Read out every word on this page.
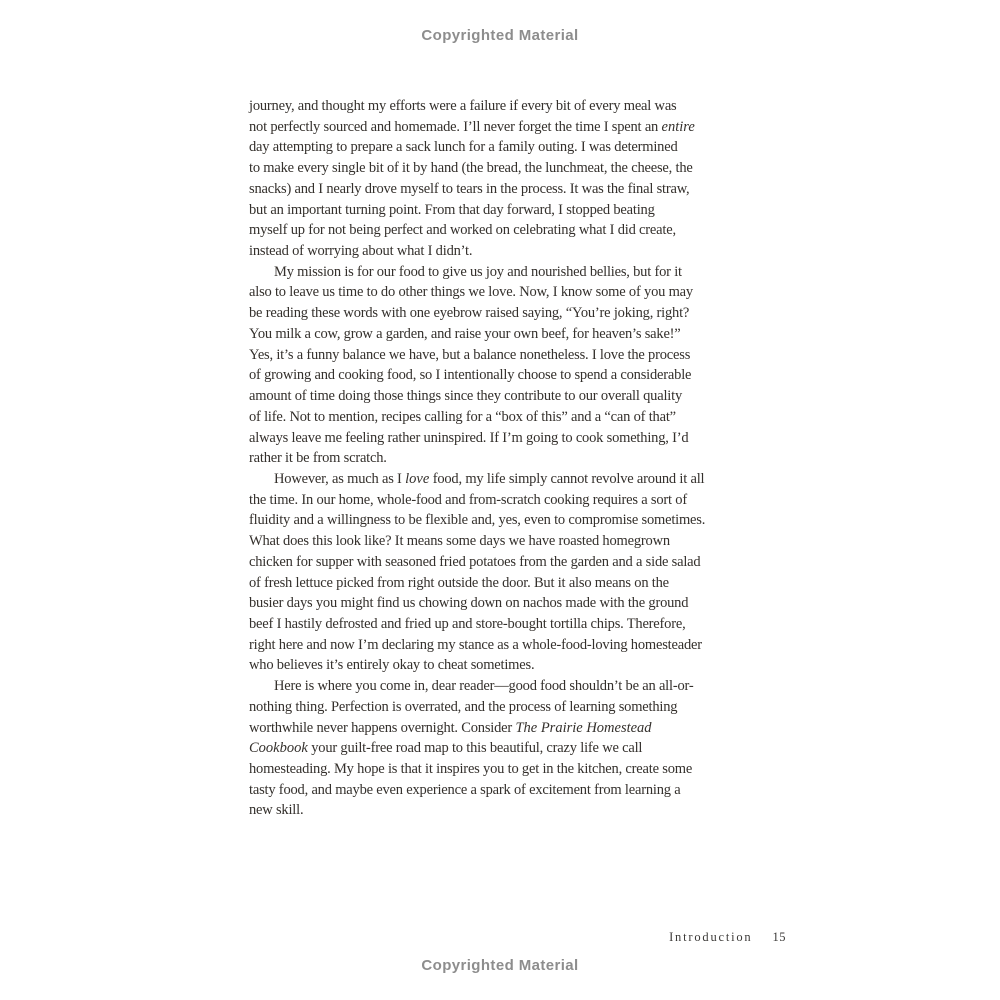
Copyrighted Material
journey, and thought my efforts were a failure if every bit of every meal was
not perfectly sourced and homemade. I’ll never forget the time I spent an entire
day attempting to prepare a sack lunch for a family outing. I was determined
to make every single bit of it by hand (the bread, the lunchmeat, the cheese, the
snacks) and I nearly drove myself to tears in the process. It was the final straw,
but an important turning point. From that day forward, I stopped beating
myself up for not being perfect and worked on celebrating what I did create,
instead of worrying about what I didn’t.
My mission is for our food to give us joy and nourished bellies, but for it
also to leave us time to do other things we love. Now, I know some of you may
be reading these words with one eyebrow raised saying, “You’re joking, right?
You milk a cow, grow a garden, and raise your own beef, for heaven’s sake!”
Yes, it’s a funny balance we have, but a balance nonetheless. I love the process
of growing and cooking food, so I intentionally choose to spend a considerable
amount of time doing those things since they contribute to our overall quality
of life. Not to mention, recipes calling for a “box of this” and a “can of that”
always leave me feeling rather uninspired. If I’m going to cook something, I’d
rather it be from scratch.
However, as much as I love food, my life simply cannot revolve around it all
the time. In our home, whole-food and from-scratch cooking requires a sort of
fluidity and a willingness to be flexible and, yes, even to compromise sometimes.
What does this look like? It means some days we have roasted homegrown
chicken for supper with seasoned fried potatoes from the garden and a side salad
of fresh lettuce picked from right outside the door. But it also means on the
busier days you might find us chowing down on nachos made with the ground
beef I hastily defrosted and fried up and store-bought tortilla chips. Therefore,
right here and now I’m declaring my stance as a whole-food-loving homesteader
who believes it’s entirely okay to cheat sometimes.
Here is where you come in, dear reader—good food shouldn’t be an all-or-
nothing thing. Perfection is overrated, and the process of learning something
worthwhile never happens overnight. Consider The Prairie Homestead
Cookbook your guilt-free road map to this beautiful, crazy life we call
homesteading. My hope is that it inspires you to get in the kitchen, create some
tasty food, and maybe even experience a spark of excitement from learning a
new skill.
Introduction 15
Copyrighted Material
